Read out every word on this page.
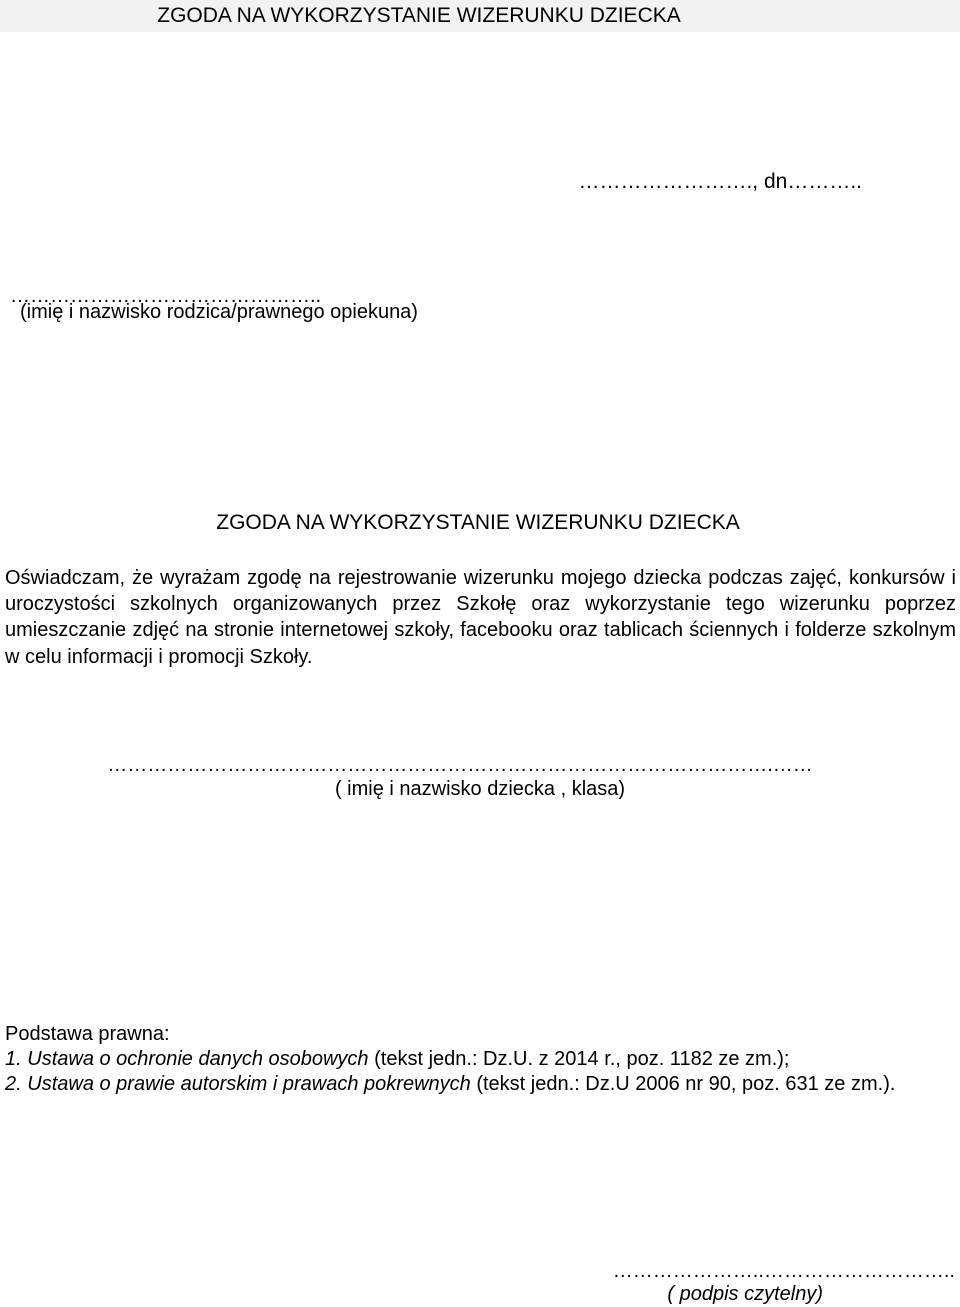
ZGODA NA WYKORZYSTANIE WIZERUNKU DZIECKA
……………………., dn………..
………………………………………..
(imię i nazwisko rodzica/prawnego opiekuna)
ZGODA NA WYKORZYSTANIE WIZERUNKU DZIECKA
Oświadczam, że wyrażam zgodę na rejestrowanie wizerunku mojego dziecka podczas zajęć, konkursów i uroczystości szkolnych organizowanych przez Szkołę oraz wykorzystanie tego wizerunku poprzez umieszczanie zdjęć na stronie internetowej szkoły, facebooku oraz tablicach ściennych i folderze szkolnym w celu informacji i promocji Szkoły.
……………………………………………………………………………………….……
( imię i nazwisko dziecka , klasa)
Podstawa prawna:
1. Ustawa o ochronie danych osobowych (tekst jedn.: Dz.U. z 2014 r., poz. 1182 ze zm.);
2. Ustawa o prawie autorskim i prawach pokrewnych (tekst jedn.: Dz.U 2006 nr 90, poz. 631 ze zm.).
…………………..………………………..
( podpis czytelny)
